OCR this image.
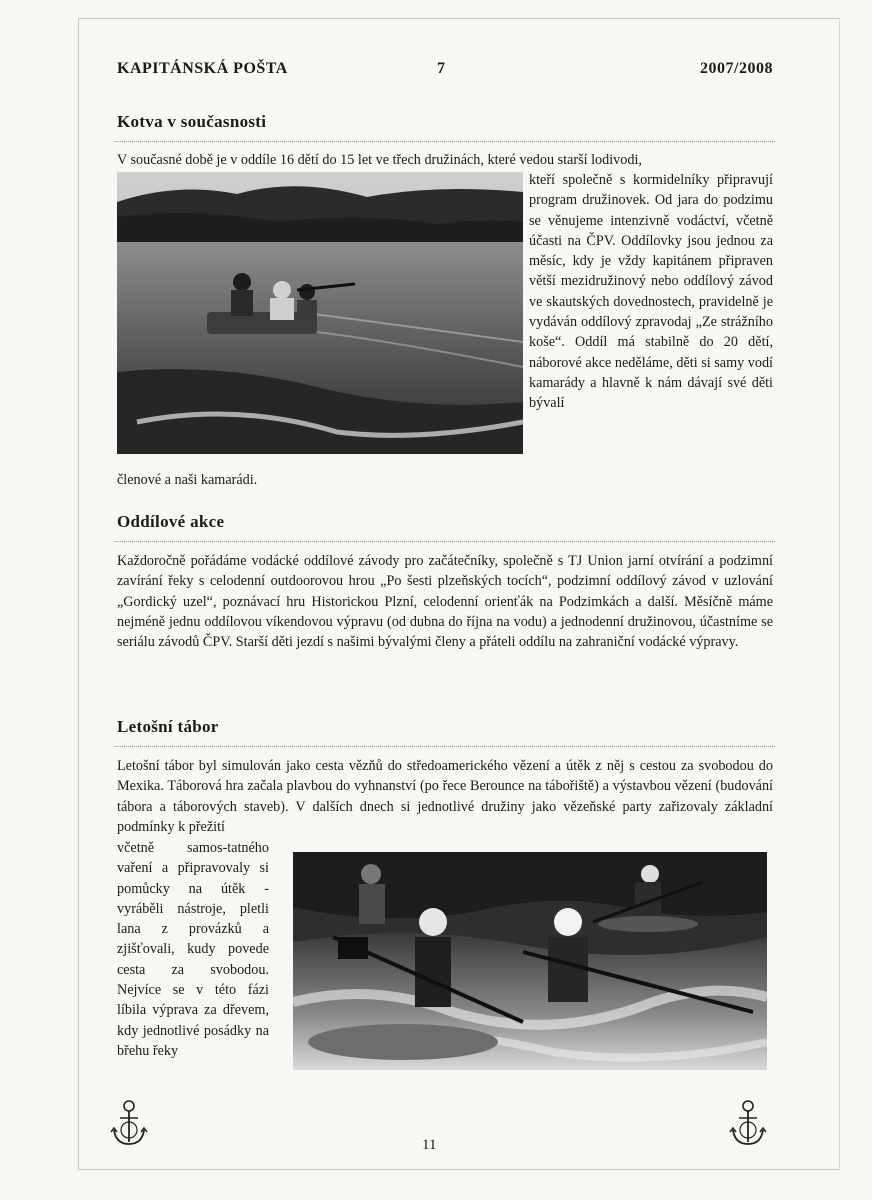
KAPITÁNSKÁ POŠTA	7	2007/2008
Kotva v současnosti
V současné době je v oddíle 16 dětí do 15 let ve třech družinách, které vedou starší lodivodi,
kteří společně s kormidelníky připravují program družinovek. Od jara do podzimu se věnujeme intenzivně vodáctví, včetně účasti na ČPV. Oddílovky jsou jednou za měsíc, kdy je vždy kapitánem připraven větší mezidružinový nebo oddílový závod ve skautských dovednostech, pravidelně je vydáván oddílový zpravodaj „Ze strážního koše“. Oddíl má stabilně do 20 dětí, náborové akce neděláme, děti si samy vodí kamarády a hlavně k nám dávají své děti bývalí
členové a naši kamarádi.
Oddílové akce
Každoročně pořádáme vodácké oddílové závody pro začátečníky, společně s TJ Union jarní otvírání a podzimní zavírání řeky s celodenní outdoorovou hrou „Po šesti plzeňských tocích“, podzimní oddílový závod v uzlování „Gordický uzel“, poznávací hru Historickou Plzní, celodenní orienťák na Podzimkách a další. Měsíčně máme nejméně jednu oddílovou víkendovou výpravu (od dubna do října na vodu) a jednodenní družinovou, účastníme se seriálu závodů ČPV. Starší děti jezdí s našimi bývalými členy a přáteli oddílu na zahraniční vodácké výpravy.
Letošní tábor
Letošní tábor byl simulován jako cesta vězňů do středoamerického vězení a útěk z něj s cestou za svobodou do Mexika. Táborová hra začala plavbou do vyhnanství (po řece Berounce na tábořiště) a výstavbou vězení (budování tábora a táborových staveb). V dalších dnech si jednotlivé družiny jako vězeňské party zařizovaly základní podmínky k přežití
včetně samos-tatného vaření a připravovaly si pomůcky na útěk - vyráběli nástroje, pletli lana z provázků a zjišťovali, kudy povede cesta za svobodou. Nejvíce se v této fázi líbila výprava za dřevem, kdy jednotlivé posádky na břehu řeky
11
